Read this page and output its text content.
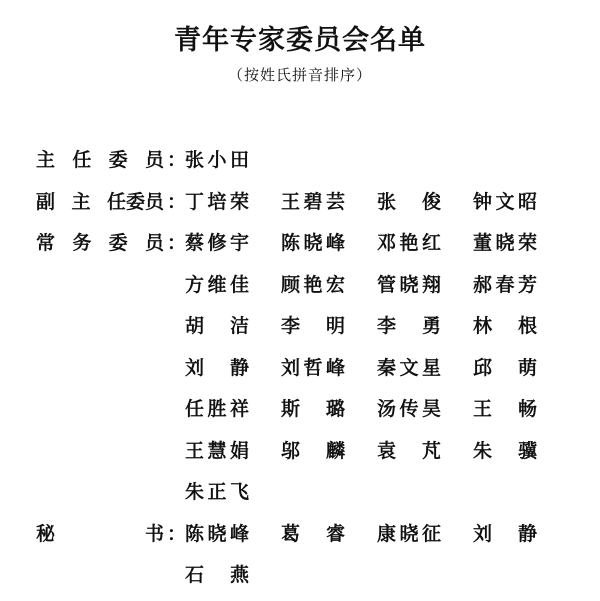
青年专家委员会名单
（按姓氏拼音排序）
主 任 委 员 ：
张小田
副 主 任委员 ：
丁培荣 王碧芸 张　俊 钟文昭
常 务 委 员 ：
蔡修宇 陈晓峰 邓艳红 董晓荣
方维佳 顾艳宏 管晓翔 郝春芳
胡　洁 李　明 李　勇 林　根
刘　静 刘哲峰 秦文星 邱　萌
任胜祥 斯　璐 汤传昊 王　畅
王慧娟 邬　麟 袁　芃 朱　骥
朱正飞
秘	书 ：
陈晓峰 葛　睿 康晓征 刘　静
石　燕
